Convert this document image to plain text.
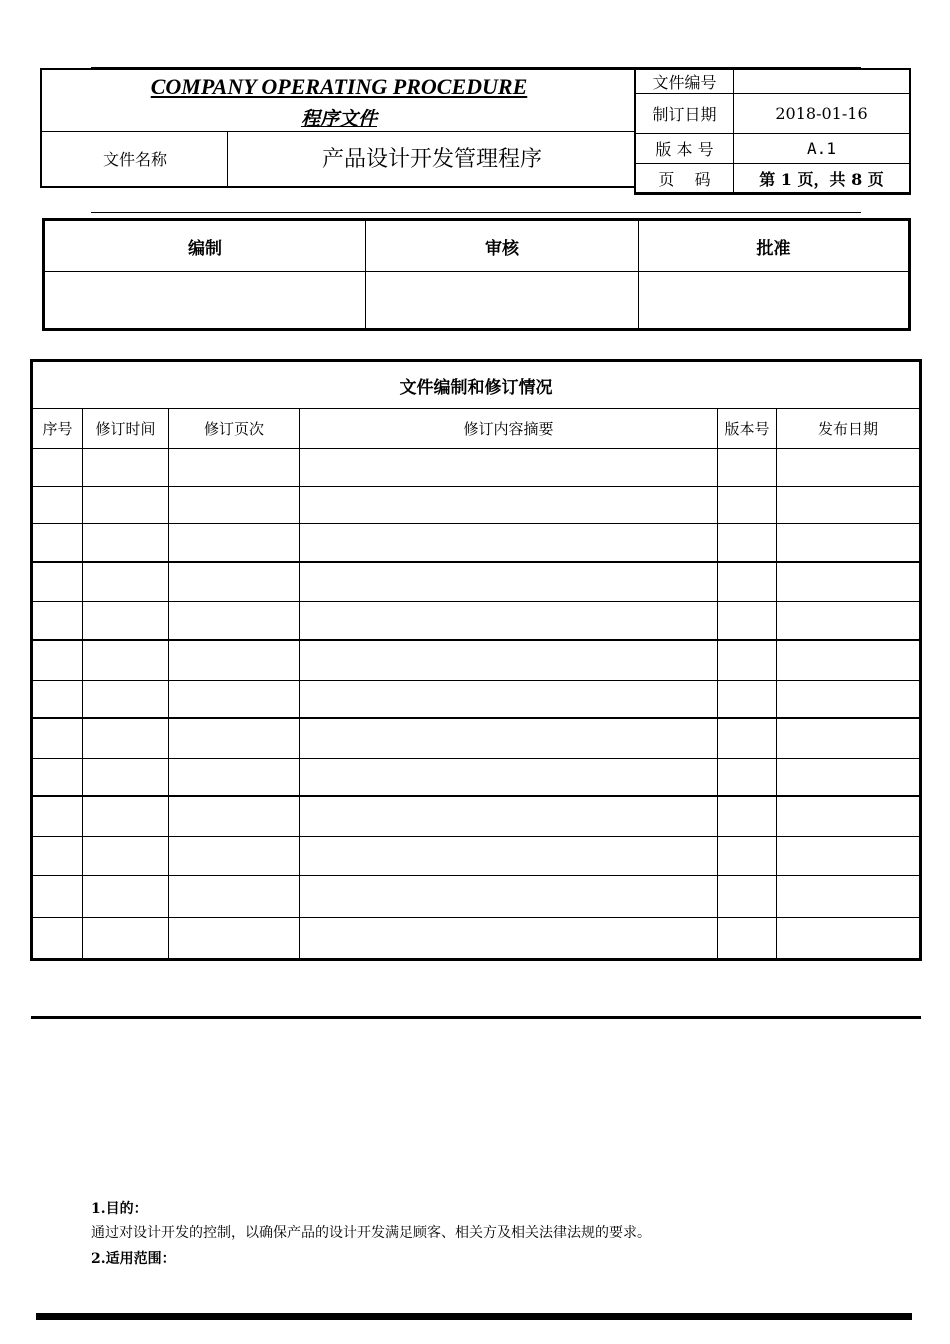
COMPANY OPERATING PROCEDURE
程序文件
文件名称	产品设计开发管理程序
文件编号	
制订日期	2018-01-16
版 本 号	A.1
页    码	第 1 页，共 8 页
编制	审核	批准

文件编制和修订情况					
序号	修订时间	修订页次	修订内容摘要	版本号	发布日期

1.目的：
通过对设计开发的控制，以确保产品的设计开发满足顾客、相关方及相关法律法规的要求。
2.适用范围：
